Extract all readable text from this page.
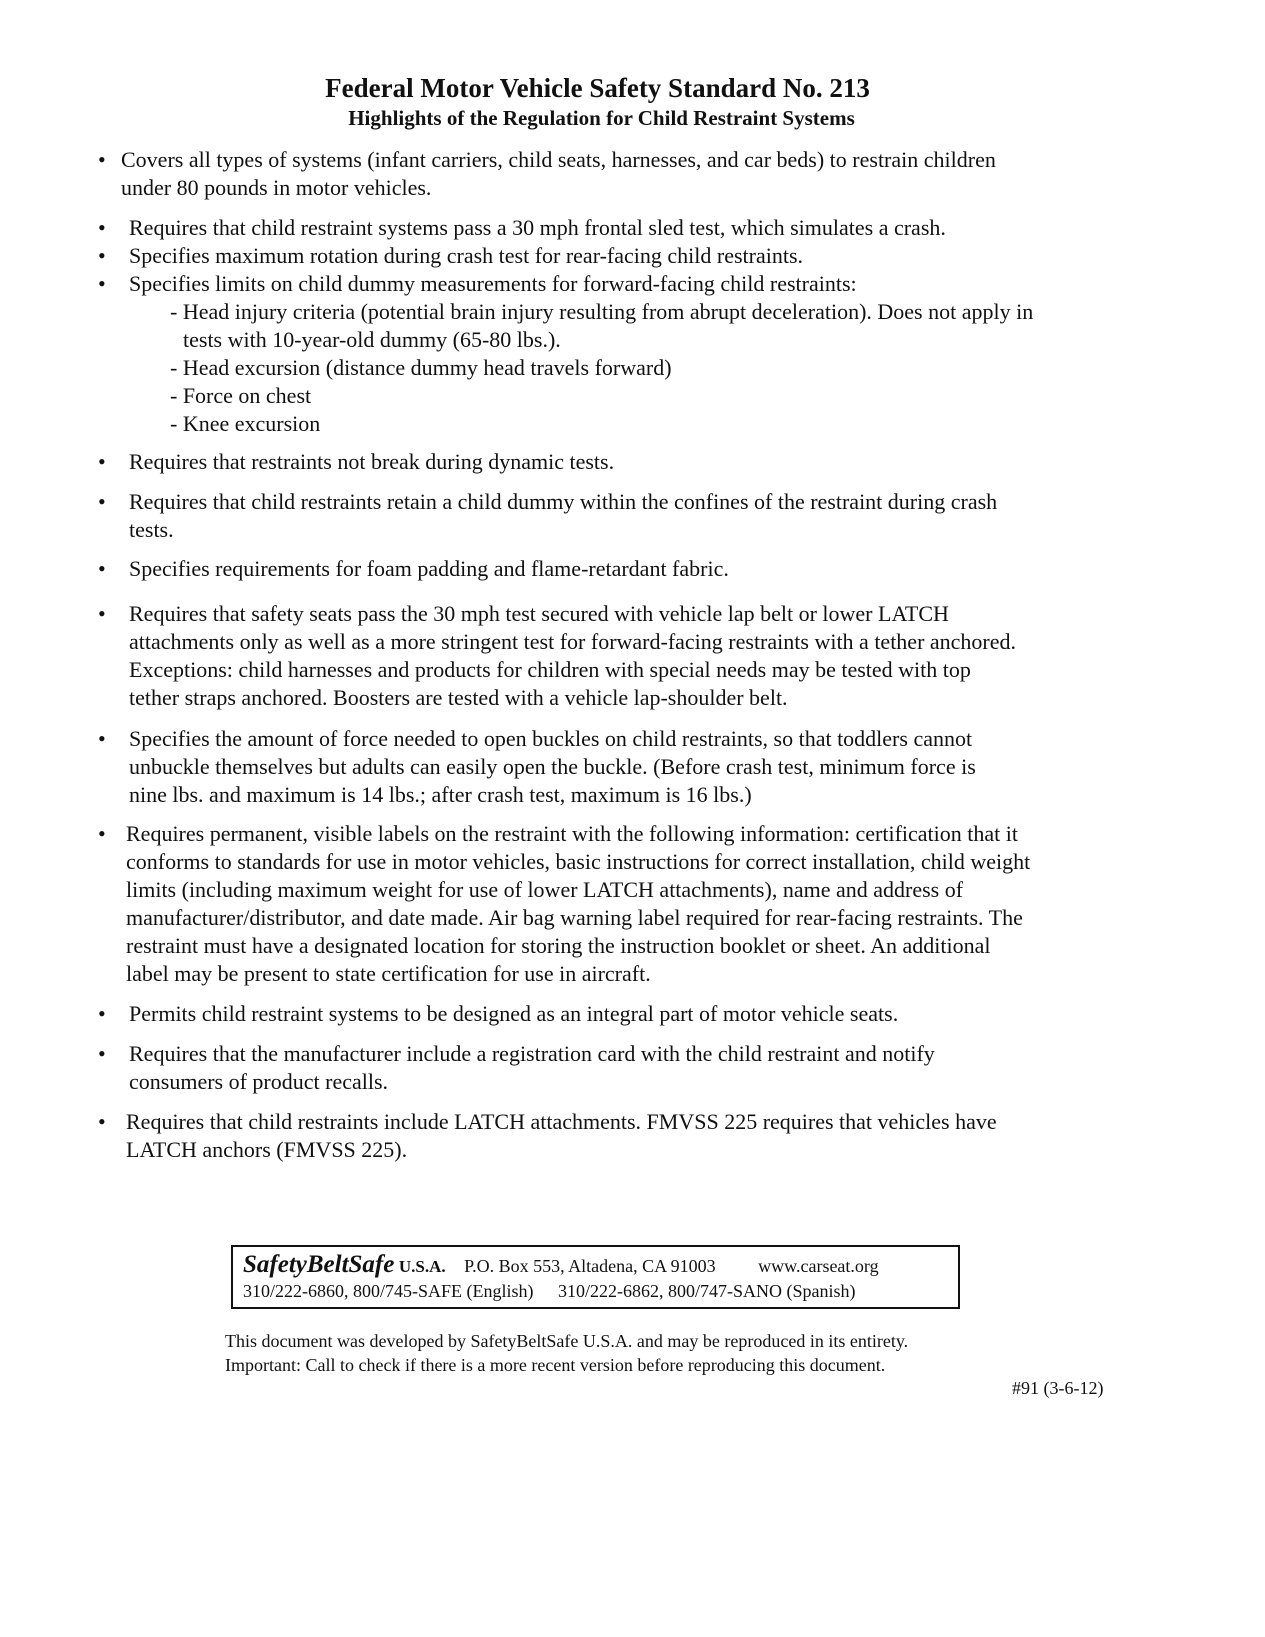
Federal Motor Vehicle Safety Standard No. 213
Highlights of the Regulation for Child Restraint Systems
• Covers all types of systems (infant carriers, child seats, harnesses, and car beds) to restrain children
under 80 pounds in motor vehicles.
• Requires that child restraint systems pass a 30 mph frontal sled test, which simulates a crash.
• Specifies maximum rotation during crash test for rear-facing child restraints.
• Specifies limits on child dummy measurements for forward-facing child restraints:
- Head injury criteria (potential brain injury resulting from abrupt deceleration). Does not apply in
tests with 10-year-old dummy (65-80 lbs.).
- Head excursion (distance dummy head travels forward)
- Force on chest
- Knee excursion
• Requires that restraints not break during dynamic tests.
• Requires that child restraints retain a child dummy within the confines of the restraint during crash
tests.
• Specifies requirements for foam padding and flame-retardant fabric.
• Requires that safety seats pass the 30 mph test secured with vehicle lap belt or lower LATCH
attachments only as well as a more stringent test for forward-facing restraints with a tether anchored.
Exceptions: child harnesses and products for children with special needs may be tested with top
tether straps anchored. Boosters are tested with a vehicle lap-shoulder belt.
• Specifies the amount of force needed to open buckles on child restraints, so that toddlers cannot
unbuckle themselves but adults can easily open the buckle. (Before crash test, minimum force is
nine lbs. and maximum is 14 lbs.; after crash test, maximum is 16 lbs.)
• Requires permanent, visible labels on the restraint with the following information: certification that it
conforms to standards for use in motor vehicles, basic instructions for correct installation, child weight
limits (including maximum weight for use of lower LATCH attachments), name and address of
manufacturer/distributor, and date made. Air bag warning label required for rear-facing restraints. The
restraint must have a designated location for storing the instruction booklet or sheet. An additional
label may be present to state certification for use in aircraft.
• Permits child restraint systems to be designed as an integral part of motor vehicle seats.
• Requires that the manufacturer include a registration card with the child restraint and notify
consumers of product recalls.
• Requires that child restraints include LATCH attachments. FMVSS 225 requires that vehicles have
LATCH anchors (FMVSS 225).
SafetyBeltSafe U.S.A. P.O. Box 553, Altadena, CA 91003 www.carseat.org
310/222-6860, 800/745-SAFE (English) 310/222-6862, 800/747-SANO (Spanish)
This document was developed by SafetyBeltSafe U.S.A. and may be reproduced in its entirety.
Important: Call to check if there is a more recent version before reproducing this document.
#91 (3-6-12)
